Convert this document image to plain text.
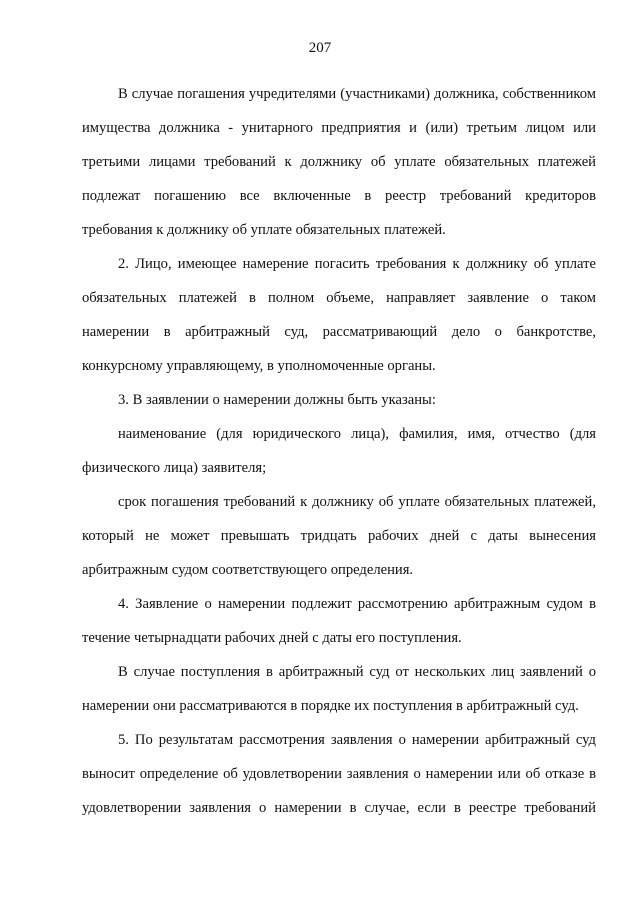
207

В случае погашения учредителями (участниками) должника, собственником имущества должника - унитарного предприятия и (или) третьим лицом или третьими лицами требований к должнику об уплате обязательных платежей подлежат погашению все включенные в реестр требований кредиторов требования к должнику об уплате обязательных платежей.

2. Лицо, имеющее намерение погасить требования к должнику об уплате обязательных платежей в полном объеме, направляет заявление о таком намерении в арбитражный суд, рассматривающий дело о банкротстве, конкурсному управляющему, в уполномоченные органы.

3. В заявлении о намерении должны быть указаны:

наименование (для юридического лица), фамилия, имя, отчество (для физического лица) заявителя;

срок погашения требований к должнику об уплате обязательных платежей, который не может превышать тридцать рабочих дней с даты вынесения арбитражным судом соответствующего определения.

4. Заявление о намерении подлежит рассмотрению арбитражным судом в течение четырнадцати рабочих дней с даты его поступления.

В случае поступления в арбитражный суд от нескольких лиц заявлений о намерении они рассматриваются в порядке их поступления в арбитражный суд.

5. По результатам рассмотрения заявления о намерении арбитражный суд выносит определение об удовлетворении заявления о намерении или об отказе в удовлетворении заявления о намерении в случае, если в реестре требований
